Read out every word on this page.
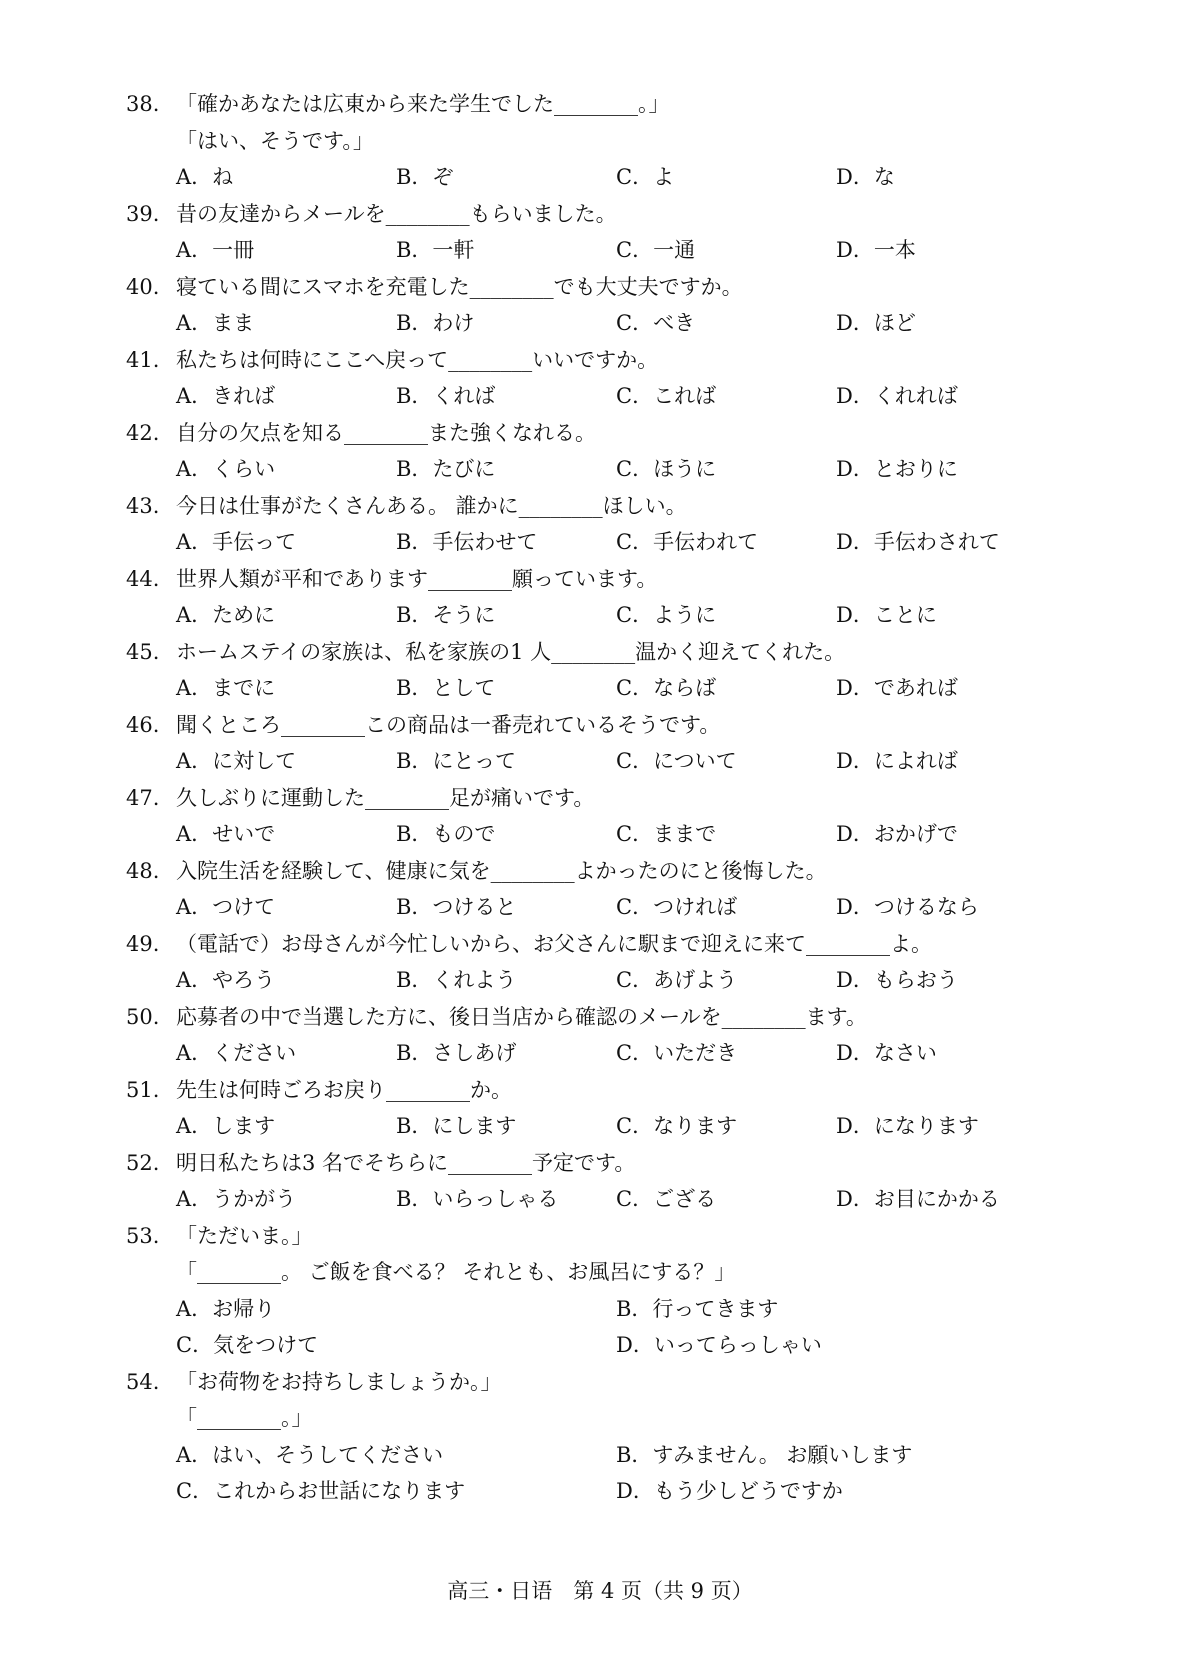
38. 「確かあなたは広東から来た学生でした________。」
「はい、そうです。」
A．ね	B．ぞ	C．よ	D．な
39. 昔の友達からメールを________もらいました。
A．一冊	B．一軒	C．一通	D．一本
40. 寝ている間にスマホを充電した________でも大丈夫ですか。
A．まま	B．わけ	C．べき	D．ほど
41. 私たちは何時にここへ戻って________いいですか。
A．きれば	B．くれば	C．これば	D．くれれば
42. 自分の欠点を知る________また強くなれる。
A．くらい	B．たびに	C．ほうに	D．とおりに
43. 今日は仕事がたくさんある。 誰かに________ほしい。
A．手伝って	B．手伝わせて	C．手伝われて	D．手伝わされて
44. 世界人類が平和であります________願っています。
A．ために	B．そうに	C．ように	D．ことに
45. ホームステイの家族は、私を家族の1 人________温かく迎えてくれた。
A．までに	B．として	C．ならば	D．であれば
46. 聞くところ________この商品は一番売れているそうです。
A．に対して	B．にとって	C．について	D．によれば
47. 久しぶりに運動した________足が痛いです。
A．せいで	B．もので	C．ままで	D．おかげで
48. 入院生活を経験して、健康に気を________よかったのにと後悔した。
A．つけて	B．つけると	C．つければ	D．つけるなら
49. （電話で）お母さんが今忙しいから、お父さんに駅まで迎えに来て________よ。
A．やろう	B．くれよう	C．あげよう	D．もらおう
50. 応募者の中で当選した方に、後日当店から確認のメールを________ます。
A．ください	B．さしあげ	C．いただき	D．なさい
51. 先生は何時ごろお戻り________か。
A．します	B．にします	C．なります	D．になります
52. 明日私たちは3 名でそちらに________予定です。
A．うかがう	B．いらっしゃる	C．ござる	D．お目にかかる
53. 「ただいま。」
「________。 ご飯を食べる？ それとも、お風呂にする？」
A．お帰り	B．行ってきます
C．気をつけて	D．いってらっしゃい
54. 「お荷物をお持ちしましょうか。」
「________。」
A．はい、そうしてください	B．すみません。 お願いします
C．これからお世話になります	D．もう少しどうですか
高三・日语　第 4 页（共 9 页）
